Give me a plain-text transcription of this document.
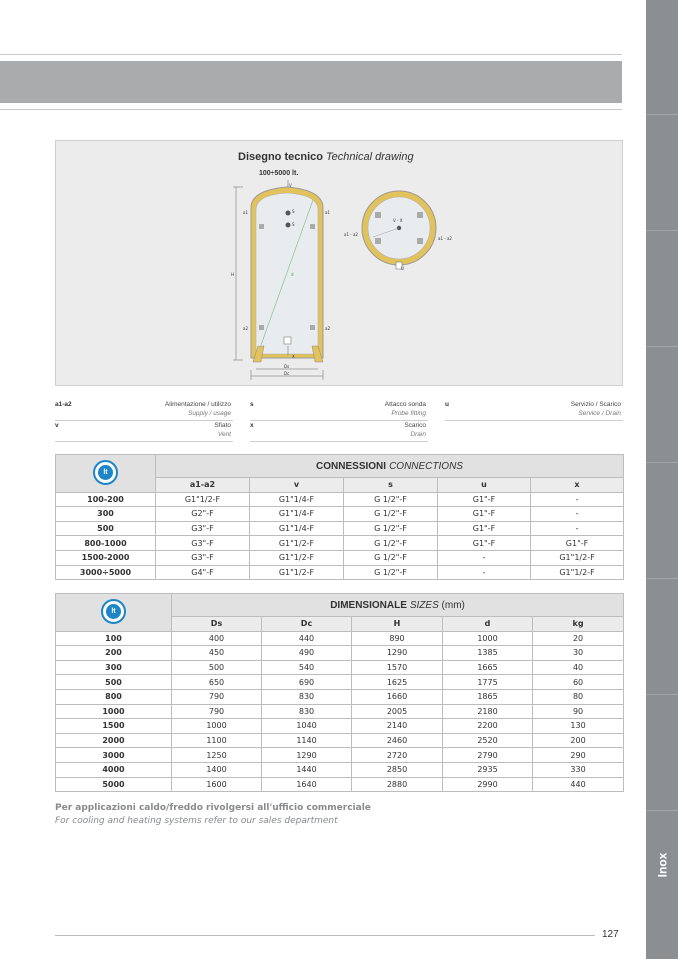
Inox
Disegno tecnico Technical drawing
100÷5000 lt.
V
a1	a1
a2	a2
S
S
H
X
Ds
Dc
d
V - X
a1 - a2
a1 - a2
U
a1-a2	Alimentazione / utilizzo
Supply / usage
s	Attacco sonda
Probe fitting
u	Servizio / Scarico
Service / Drain
v	Sfiato
Vent
x	Scarico
Drain
lt	CONNESSIONI CONNECTIONS				
	a1-a2	v	s	u	x
100-200	G1"1/2-F	G1"1/4-F	G 1/2"-F	G1"-F	-
300	G2"-F	G1"1/4-F	G 1/2"-F	G1"-F	-
500	G3"-F	G1"1/4-F	G 1/2"-F	G1"-F	-
800-1000	G3"-F	G1"1/2-F	G 1/2"-F	G1"-F	G1"-F
1500-2000	G3"-F	G1"1/2-F	G 1/2"-F	-	G1"1/2-F
3000÷5000	G4"-F	G1"1/2-F	G 1/2"-F	-	G1"1/2-F
lt	DIMENSIONALE SIZES (mm)				
	Ds	Dc	H	d	kg
100	400	440	890	1000	20
200	450	490	1290	1385	30
300	500	540	1570	1665	40
500	650	690	1625	1775	60
800	790	830	1660	1865	80
1000	790	830	2005	2180	90
1500	1000	1040	2140	2200	130
2000	1100	1140	2460	2520	200
3000	1250	1290	2720	2790	290
4000	1400	1440	2850	2935	330
5000	1600	1640	2880	2990	440
Per applicazioni caldo/freddo rivolgersi all'ufficio commerciale
For cooling and heating systems refer to our sales department
127
